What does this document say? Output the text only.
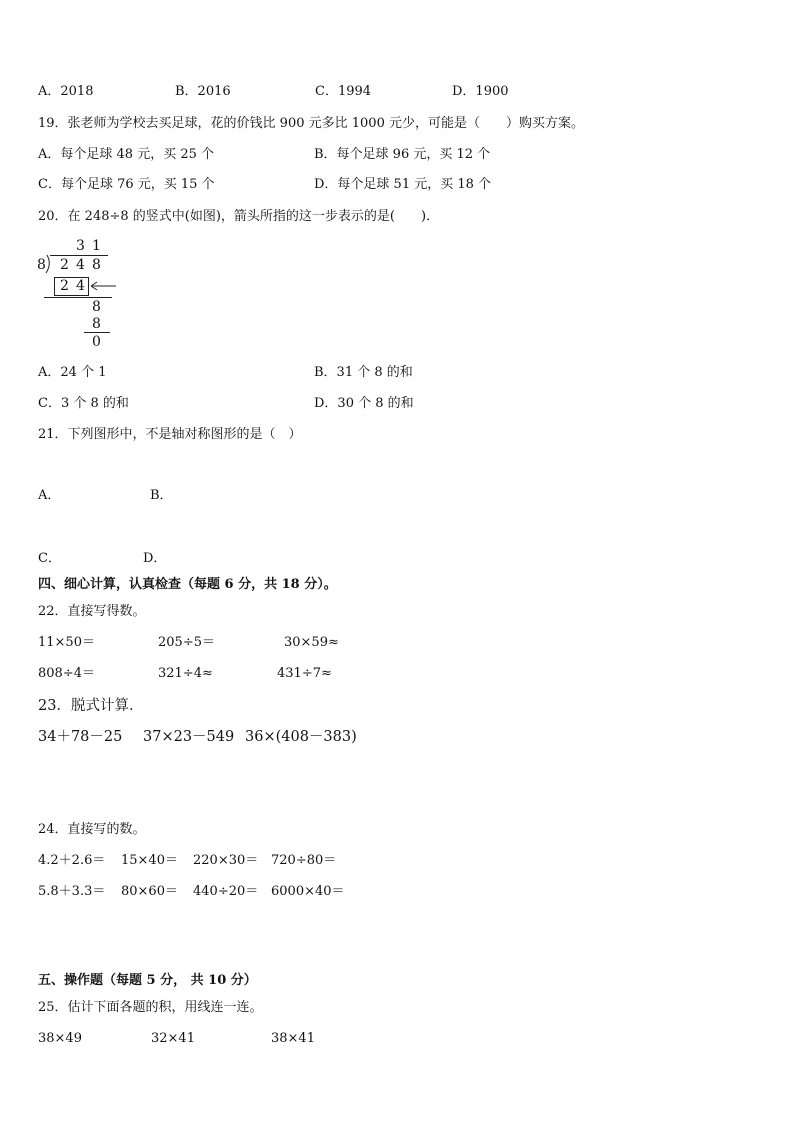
A．2018	B．2016	C．1994	D．1900
19．张老师为学校去买足球，花的价钱比 900 元多比 1000 元少，可能是（　　）购买方案。
A．每个足球 48 元，买 25 个	B．每个足球 96 元，买 12 个
C．每个足球 76 元，买 15 个	D．每个足球 51 元，买 18 个
20．在 248÷8 的竖式中(如图)，箭头所指的这一步表示的是(　　)．
3 1
8 2 4 8
2 4
8
8
0
A．24 个 1	B．31 个 8 的和
C．3 个 8 的和	D．30 个 8 的和
21．下列图形中，不是轴对称图形的是（　）
A．	B．
C．	D．
四、细心计算，认真检查（每题 6 分，共 18 分）。
22．直接写得数。
11×50＝	205÷5＝	30×59≈
808÷4＝	321÷4≈	431÷7≈
23．脱式计算．
34＋78－25 37×23－549 36×(408－383)
24．直接写的数。
4.2＋2.6＝ 15×40＝ 220×30＝ 720÷80＝
5.8＋3.3＝ 80×60＝ 440÷20＝ 6000×40＝
五、操作题（每题 5 分， 共 10 分）
25．估计下面各题的积，用线连一连。
38×49	32×41	38×41
